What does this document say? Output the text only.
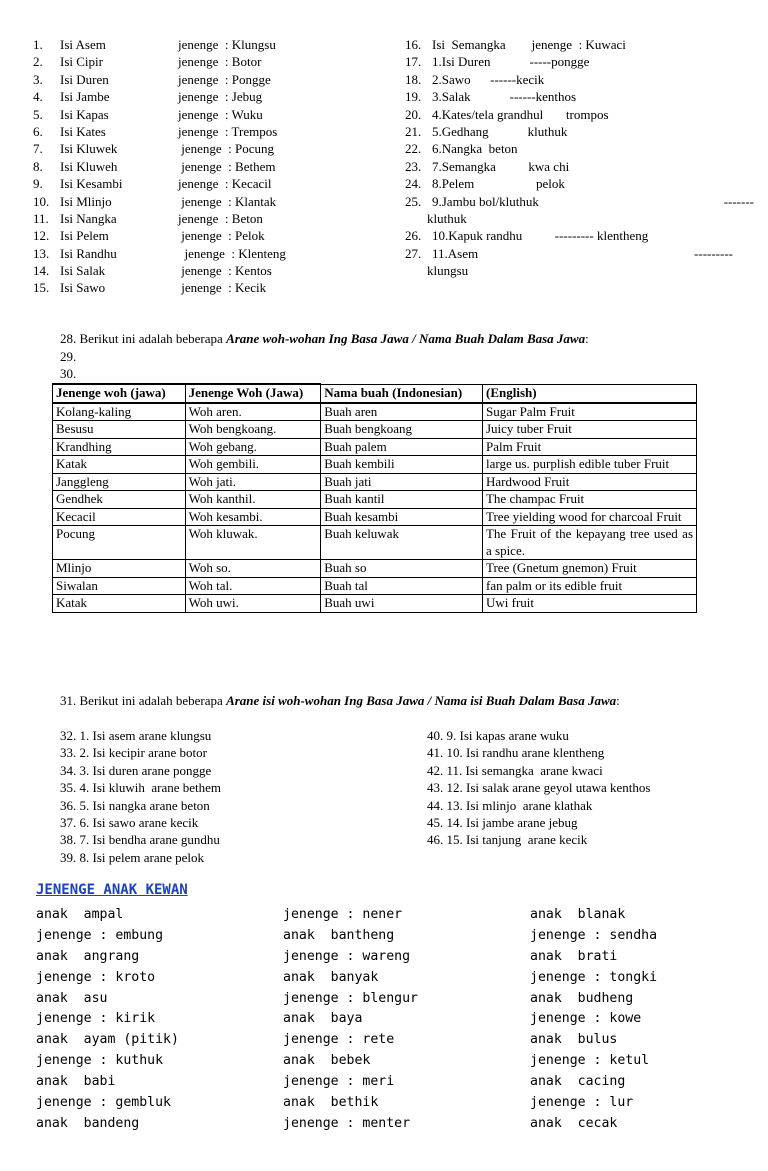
1.	Isi Asem	jenenge  : Klungsu
2.	Isi Cipir	jenenge  : Botor
3.	Isi Duren	jenenge  : Pongge
4.	Isi Jambe	jenenge  : Jebug
5.	Isi Kapas	jenenge  : Wuku
6.	Isi Kates	jenenge  : Trempos
7.	Isi Kluwek	jenenge  : Pocung
8.	Isi Kluweh	jenenge  : Bethem
9.	Isi Kesambi	jenenge  : Kecacil
10. Isi Mlinjo	jenenge  : Klantak
11. Isi Nangka	jenenge  : Beton
12. Isi Pelem	jenenge  : Pelok
13. Isi Randhu	jenenge  : Klenteng
14. Isi Salak	jenenge  : Kentos
15. Isi Sawo	jenenge  : Kecik
16. Isi  Semangka        jenenge  : Kuwaci
17. 1.Isi Duren            -----pongge
18. 2.Sawo      ------kecik
19. 3.Salak            ------kenthos
20. 4.Kates/tela grandhul       trompos
21. 5.Gedhang            kluthuk
22. 6.Nangka  beton
23. 7.Semangka          kwa chi
24. 8.Pelem                   pelok
25. 9.Jambu bol/kluthuk	-------
kluthuk
26. 10.Kapuk randhu          --------- klentheng
27. 11.Asem	---------
klungsu
28. Berikut ini adalah beberapa Arane woh-wohan Ing Basa Jawa / Nama Buah Dalam Basa Jawa:
29.
30.
Jenenge woh (jawa)	Jenenge Woh (Jawa)	Nama buah (Indonesian)	(English)
Kolang-kaling	Woh aren.	Buah aren	Sugar Palm Fruit
Besusu	Woh bengkoang.	Buah bengkoang	Juicy tuber Fruit
Krandhing	Woh gebang.	Buah palem	Palm Fruit
Katak	Woh gembili.	Buah kembili	large us. purplish edible tuber Fruit
Janggleng	Woh jati.	Buah jati	Hardwood Fruit
Gendhek	Woh kanthil.	Buah kantil	The champac Fruit
Kecacil	Woh kesambi.	Buah kesambi	Tree yielding wood for charcoal Fruit
Pocung	Woh kluwak.	Buah keluwak	The Fruit of the kepayang tree used as a spice.
Mlinjo	Woh so.	Buah so	Tree (Gnetum gnemon) Fruit
Siwalan	Woh tal.	Buah tal	fan palm or its edible fruit
Katak	Woh uwi.	Buah uwi	Uwi fruit
31. Berikut ini adalah beberapa Arane isi woh-wohan Ing Basa Jawa / Nama isi Buah Dalam Basa Jawa:
32. 1. Isi asem arane klungsu
33. 2. Isi kecipir arane botor
34. 3. Isi duren arane pongge
35. 4. Isi kluwih  arane bethem
36. 5. Isi nangka arane beton
37. 6. Isi sawo arane kecik
38. 7. Isi bendha arane gundhu
39. 8. Isi pelem arane pelok
40. 9. Isi kapas arane wuku
41. 10. Isi randhu arane klentheng
42. 11. Isi semangka  arane kwaci
43. 12. Isi salak arane geyol utawa kenthos
44. 13. Isi mlinjo  arane klathak
45. 14. Isi jambe arane jebug
46. 15. Isi tanjung  arane kecik
JENENGE ANAK KEWAN
anak  ampal
jenenge : embung
anak  angrang
jenenge : kroto
anak  asu
jenenge : kirik
anak  ayam (pitik)
jenenge : kuthuk
anak  babi
jenenge : gembluk
anak  bandeng
jenenge : nener
anak  bantheng
jenenge : wareng
anak  banyak
jenenge : blengur
anak  baya
jenenge : rete
anak  bebek
jenenge : meri
anak  bethik
jenenge : menter
anak  blanak
jenenge : sendha
anak  brati
jenenge : tongki
anak  budheng
jenenge : kowe
anak  bulus
jenenge : ketul
anak  cacing
jenenge : lur
anak  cecak
